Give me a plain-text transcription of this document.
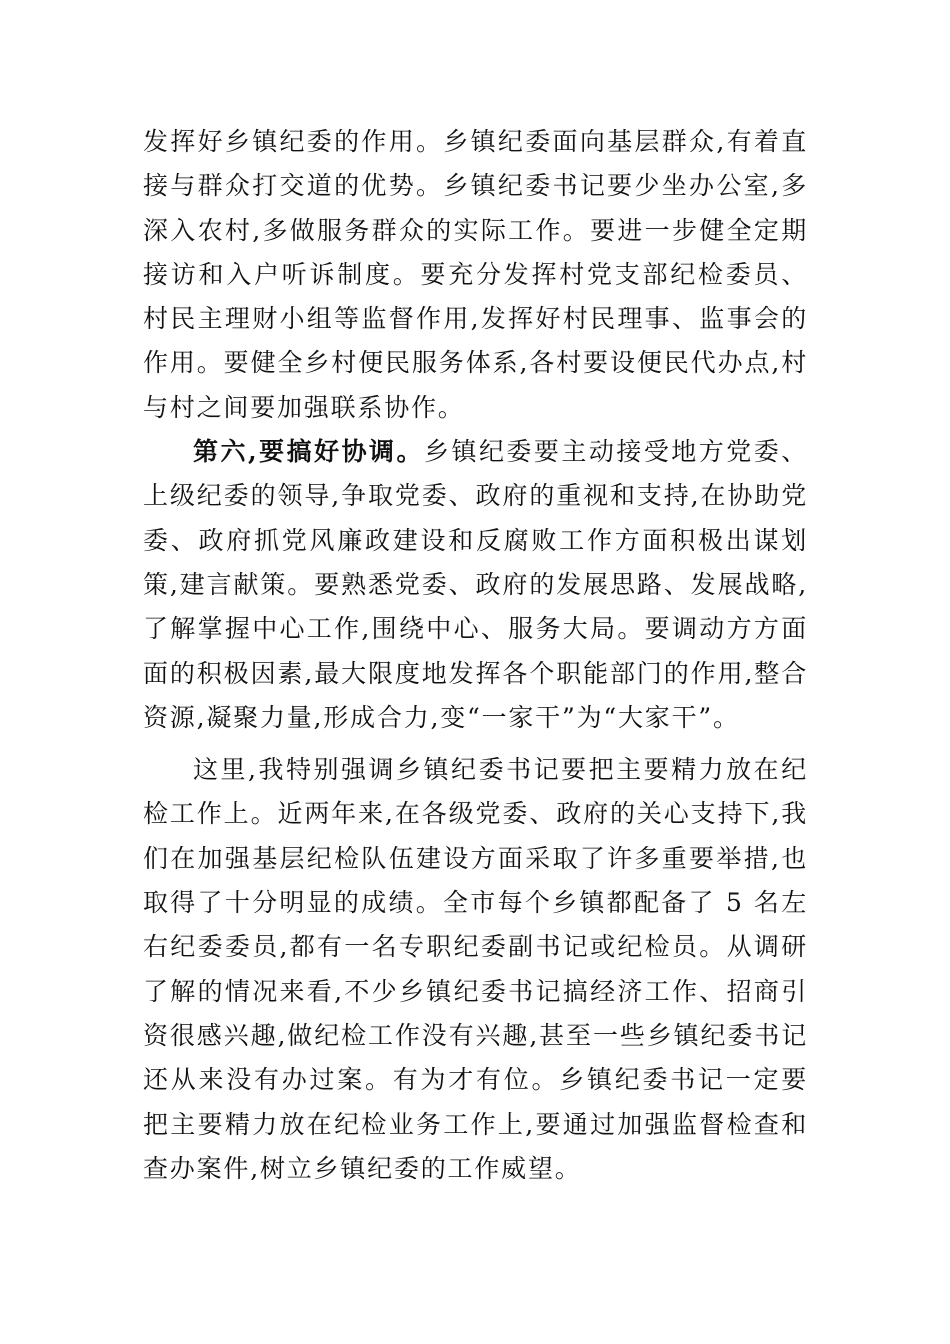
发挥好乡镇纪委的作用。乡镇纪委面向基层群众,有着直接与群众打交道的优势。乡镇纪委书记要少坐办公室,多深入农村,多做服务群众的实际工作。要进一步健全定期接访和入户听诉制度。要充分发挥村党支部纪检委员、村民主理财小组等监督作用,发挥好村民理事、监事会的作用。要健全乡村便民服务体系,各村要设便民代办点,村与村之间要加强联系协作。

第六,要搞好协调。乡镇纪委要主动接受地方党委、上级纪委的领导,争取党委、政府的重视和支持,在协助党委、政府抓党风廉政建设和反腐败工作方面积极出谋划策,建言献策。要熟悉党委、政府的发展思路、发展战略,了解掌握中心工作,围绕中心、服务大局。要调动方方面面的积极因素,最大限度地发挥各个职能部门的作用,整合资源,凝聚力量,形成合力,变“一家干”为“大家干”。

这里,我特别强调乡镇纪委书记要把主要精力放在纪检工作上。近两年来,在各级党委、政府的关心支持下,我们在加强基层纪检队伍建设方面采取了许多重要举措,也取得了十分明显的成绩。全市每个乡镇都配备了 5 名左右纪委委员,都有一名专职纪委副书记或纪检员。从调研了解的情况来看,不少乡镇纪委书记搞经济工作、招商引资很感兴趣,做纪检工作没有兴趣,甚至一些乡镇纪委书记还从来没有办过案。有为才有位。乡镇纪委书记一定要把主要精力放在纪检业务工作上,要通过加强监督检查和查办案件,树立乡镇纪委的工作威望。
